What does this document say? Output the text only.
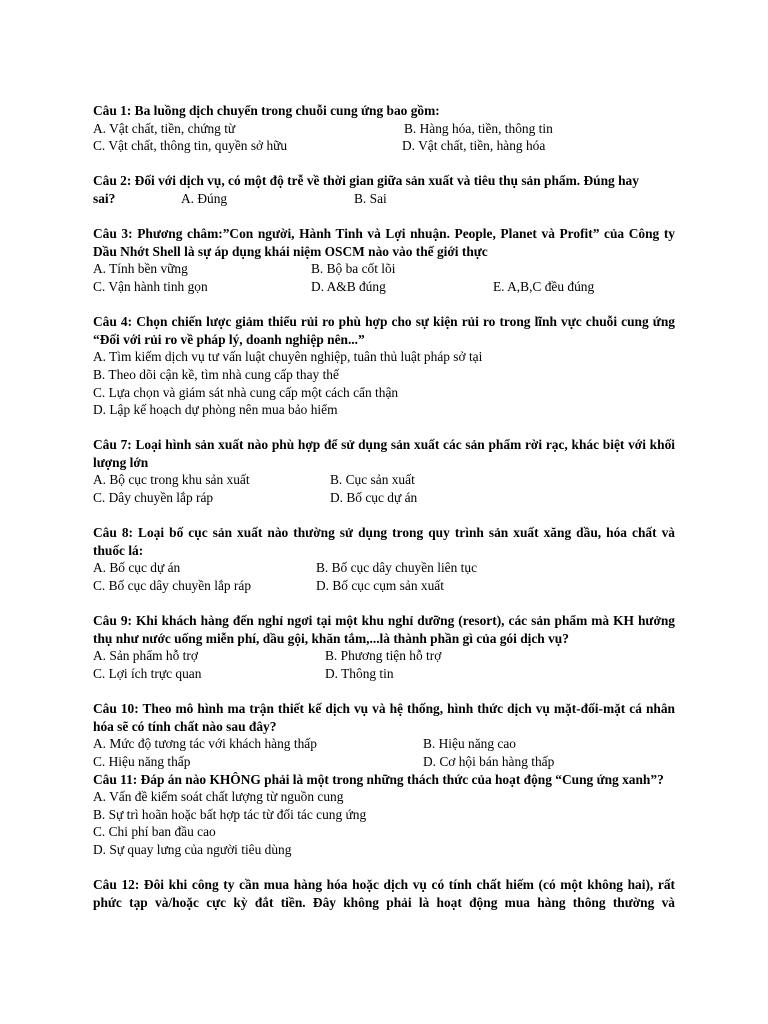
Câu 1: Ba luồng dịch chuyển trong chuỗi cung ứng bao gồm:
A. Vật chất, tiền, chứng từ	B. Hàng hóa, tiền, thông tin
C. Vật chất, thông tin, quyền sở hữu	D. Vật chất, tiền, hàng hóa
Câu 2: Đối với dịch vụ, có một độ trễ về thời gian giữa sản xuất và tiêu thụ sản phẩm. Đúng hay
sai?	A. Đúng	B. Sai
Câu 3: Phương châm:”Con người, Hành Tinh và Lợi nhuận. People, Planet và Profit” của Công ty Dầu Nhớt Shell là sự áp dụng khái niệm OSCM nào vào thế giới thực
A. Tính bền vững	B. Bộ ba cốt lõi
C. Vận hành tinh gọn	D. A&B đúng	E. A,B,C đều đúng
Câu 4: Chọn chiến lược giảm thiểu rủi ro phù hợp cho sự kiện rủi ro trong lĩnh vực chuỗi cung ứng “Đối với rủi ro về pháp lý, doanh nghiệp nên...”
A. Tìm kiếm dịch vụ tư vấn luật chuyên nghiệp, tuân thủ luật pháp sở tại
B. Theo dõi cận kề, tìm nhà cung cấp thay thế
C. Lựa chọn và giám sát nhà cung cấp một cách cẩn thận
D. Lập kế hoạch dự phòng nên mua bảo hiểm
Câu 7: Loại hình sản xuất nào phù hợp để sử dụng sản xuất các sản phẩm rời rạc, khác biệt với khối lượng lớn
A. Bộ cục trong khu sản xuất	B. Cục sản xuất
C. Dây chuyền lắp ráp	D. Bố cục dự án
Câu 8: Loại bố cục sản xuất nào thường sử dụng trong quy trình sản xuất xăng dầu, hóa chất và thuốc lá:
A. Bố cục dự án	B. Bố cục dây chuyền liên tục
C. Bố cục dây chuyền lắp ráp	D. Bố cục cụm sản xuất
Câu 9: Khi khách hàng đến nghỉ ngơi tại một khu nghỉ dưỡng (resort), các sản phẩm mà KH hưởng thụ như nước uống miễn phí, dầu gội, khăn tắm,...là thành phần gì của gói dịch vụ?
A. Sản phẩm hỗ trợ	B. Phương tiện hỗ trợ
C. Lợi ích trực quan	D. Thông tin
Câu 10: Theo mô hình ma trận thiết kế dịch vụ và hệ thống, hình thức dịch vụ mặt-đối-mặt cá nhân hóa sẽ có tính chất nào sau đây?
A. Mức độ tương tác với khách hàng thấp	B. Hiệu năng cao
C. Hiệu năng thấp	D. Cơ hội bán hàng thấp
Câu 11: Đáp án nào KHÔNG phải là một trong những thách thức của hoạt động “Cung ứng xanh”?
A. Vấn đề kiểm soát chất lượng từ nguồn cung
B. Sự trì hoãn hoặc bất hợp tác từ đối tác cung ứng
C. Chi phí ban đầu cao
D. Sự quay lưng của người tiêu dùng
Câu 12: Đôi khi công ty cần mua hàng hóa hoặc dịch vụ có tính chất hiếm (có một không hai), rất phức tạp và/hoặc cực kỳ đắt tiền. Đây không phải là hoạt động mua hàng thông thường và
